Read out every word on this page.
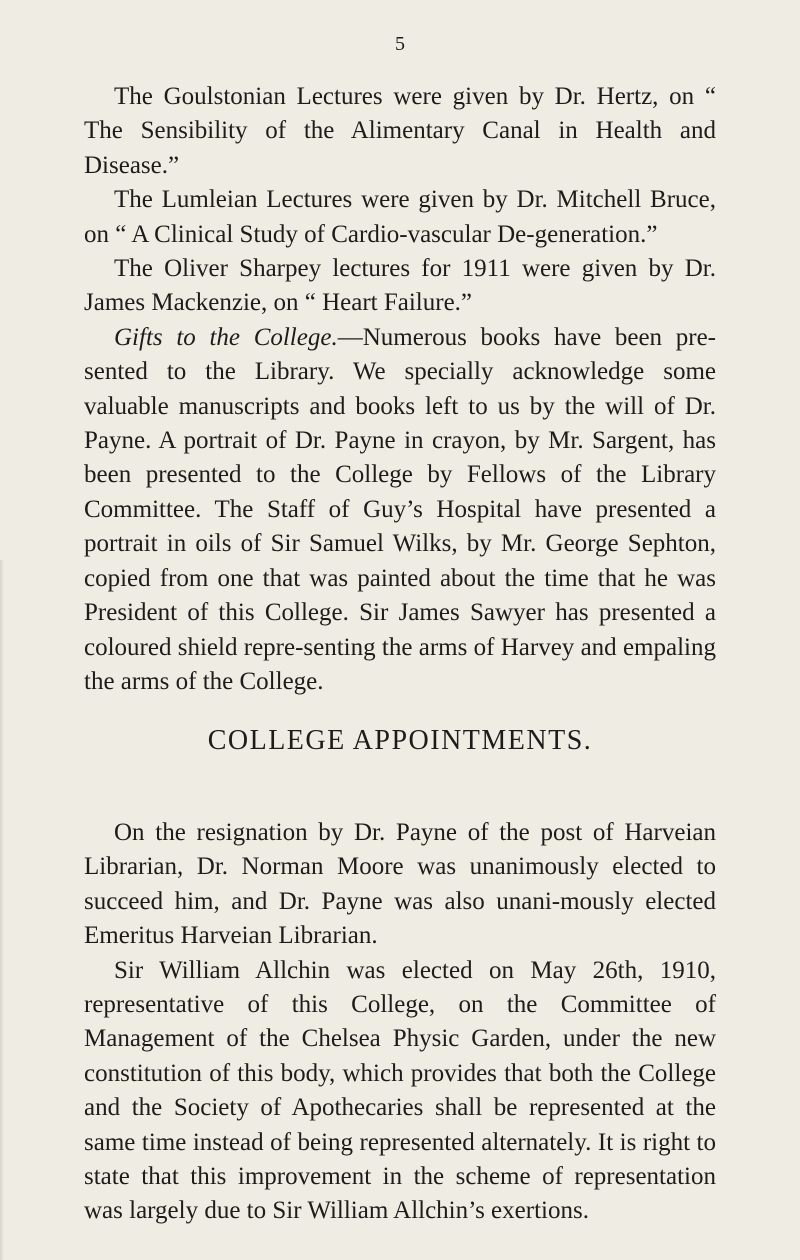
5

The Goulstonian Lectures were given by Dr. Hertz, on “ The Sensibility of the Alimentary Canal in Health and Disease.”

The Lumleian Lectures were given by Dr. Mitchell Bruce, on “ A Clinical Study of Cardio-vascular De-generation.”

The Oliver Sharpey lectures for 1911 were given by Dr. James Mackenzie, on “ Heart Failure.”

Gifts to the College.—Numerous books have been pre-sented to the Library. We specially acknowledge some valuable manuscripts and books left to us by the will of Dr. Payne. A portrait of Dr. Payne in crayon, by Mr. Sargent, has been presented to the College by Fellows of the Library Committee. The Staff of Guy’s Hospital have presented a portrait in oils of Sir Samuel Wilks, by Mr. George Sephton, copied from one that was painted about the time that he was President of this College. Sir James Sawyer has presented a coloured shield repre-senting the arms of Harvey and empaling the arms of the College.

COLLEGE APPOINTMENTS.

On the resignation by Dr. Payne of the post of Harveian Librarian, Dr. Norman Moore was unanimously elected to succeed him, and Dr. Payne was also unani-mously elected Emeritus Harveian Librarian.

Sir William Allchin was elected on May 26th, 1910, representative of this College, on the Committee of Management of the Chelsea Physic Garden, under the new constitution of this body, which provides that both the College and the Society of Apothecaries shall be represented at the same time instead of being represented alternately. It is right to state that this improvement in the scheme of representation was largely due to Sir William Allchin’s exertions.
